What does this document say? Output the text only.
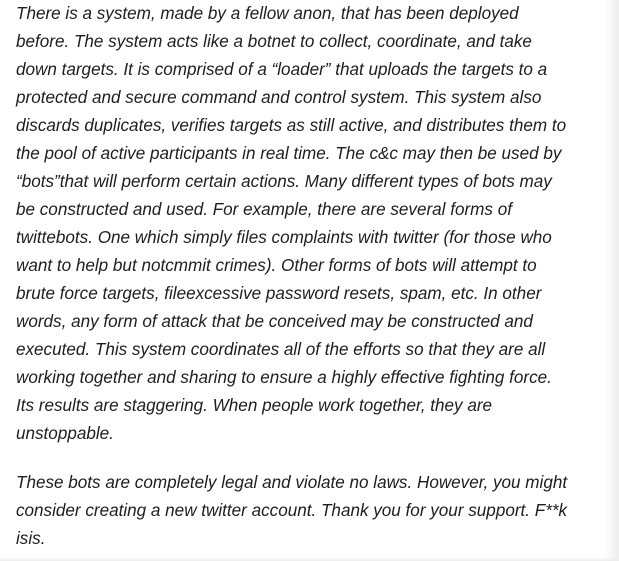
There is a system, made by a fellow anon, that has been deployed
before. The system acts like a botnet to collect, coordinate, and take
down targets. It is comprised of a “loader” that uploads the targets to a
protected and secure command and control system. This system also
discards duplicates, verifies targets as still active, and distributes them to
the pool of active participants in real time. The c&c may then be used by
“bots”that will perform certain actions. Many different types of bots may
be constructed and used. For example, there are several forms of
twittebots. One which simply files complaints with twitter (for those who
want to help but notcmmit crimes). Other forms of bots will attempt to
brute force targets, fileexcessive password resets, spam, etc. In other
words, any form of attack that be conceived may be constructed and
executed. This system coordinates all of the efforts so that they are all
working together and sharing to ensure a highly effective fighting force.
Its results are staggering. When people work together, they are
unstoppable.

These bots are completely legal and violate no laws. However, you might
consider creating a new twitter account. Thank you for your support. F**k
isis.
